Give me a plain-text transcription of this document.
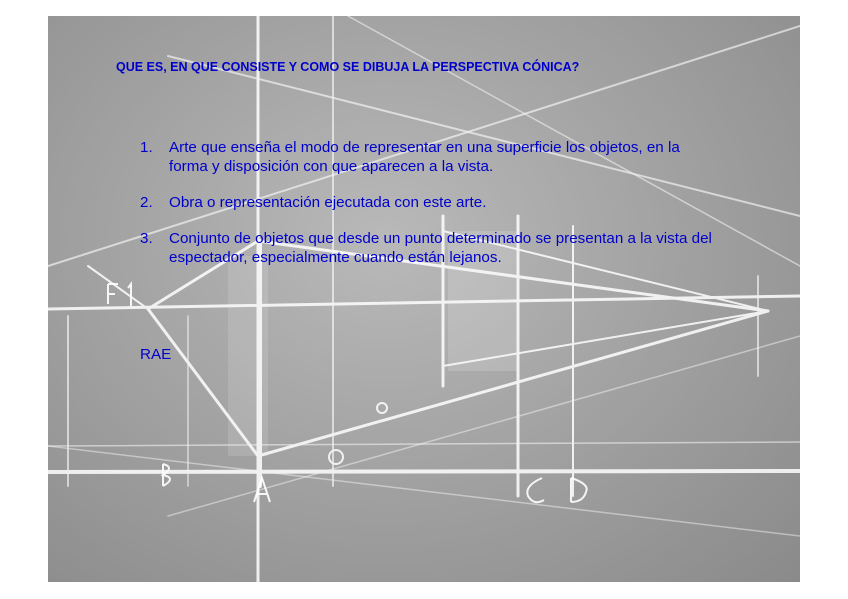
QUE ES, EN QUE CONSISTE Y COMO SE DIBUJA LA PERSPECTIVA CÓNICA?
1. Arte que enseña el modo de representar en una superficie los objetos, en la forma y disposición con que aparecen a la vista.
2. Obra o representación ejecutada con este arte.
3. Conjunto de objetos que desde un punto determinado se presentan a la vista del espectador, especialmente cuando están lejanos.

RAE
